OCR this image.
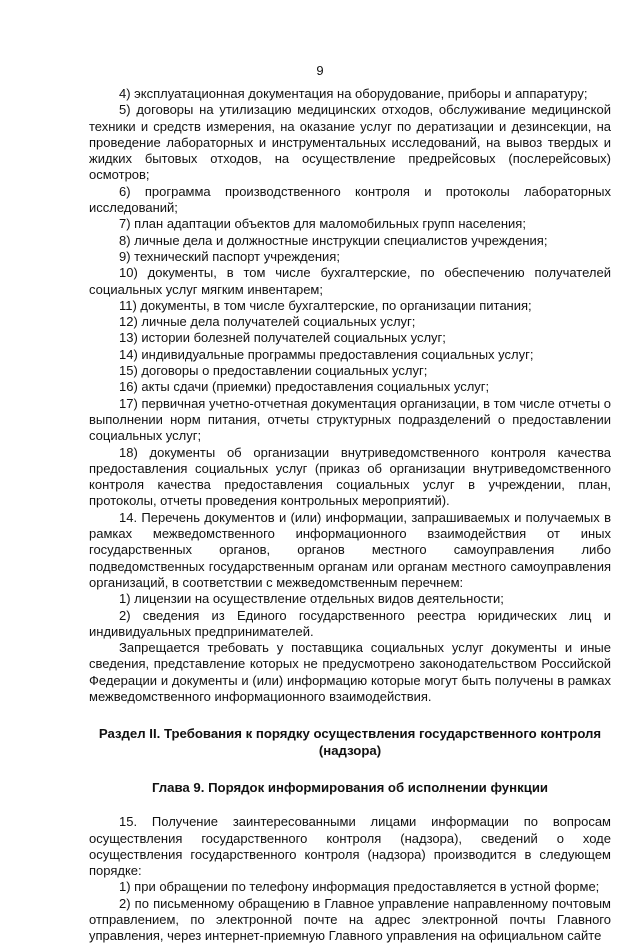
9

4) эксплуатационная документация на оборудование, приборы и аппаратуру;

5) договоры на утилизацию медицинских отходов, обслуживание медицинской техники и средств измерения, на оказание услуг по дератизации и дезинсекции, на проведение лабораторных и инструментальных исследований, на вывоз твердых и жидких бытовых отходов, на осуществление предрейсовых (послерейсовых) осмотров;

6) программа производственного контроля и протоколы лабораторных исследований;

7) план адаптации объектов для маломобильных групп населения;

8) личные дела и должностные инструкции специалистов учреждения;

9) технический паспорт учреждения;

10) документы, в том числе бухгалтерские, по обеспечению получателей социальных услуг мягким инвентарем;

11) документы, в том числе бухгалтерские, по организации питания;

12) личные дела получателей социальных услуг;

13) истории болезней получателей социальных услуг;

14) индивидуальные программы предоставления социальных услуг;

15) договоры о предоставлении социальных услуг;

16) акты сдачи (приемки) предоставления социальных услуг;

17) первичная учетно-отчетная документация организации, в том числе отчеты о выполнении норм питания, отчеты структурных подразделений о предоставлении социальных услуг;

18) документы об организации внутриведомственного контроля качества предоставления социальных услуг (приказ об организации внутриведомственного контроля качества предоставления социальных услуг в учреждении, план, протоколы, отчеты проведения контрольных мероприятий).

14. Перечень документов и (или) информации, запрашиваемых и получаемых в рамках межведомственного информационного взаимодействия от иных государственных органов, органов местного самоуправления либо подведомственных государственным органам или органам местного самоуправления организаций, в соответствии с межведомственным перечнем:

1) лицензии на осуществление отдельных видов деятельности;

2) сведения из Единого государственного реестра юридических лиц и индивидуальных предпринимателей.

Запрещается требовать у поставщика социальных услуг документы и иные сведения, представление которых не предусмотрено законодательством Российской Федерации и документы и (или) информацию которые могут быть получены в рамках межведомственного информационного взаимодействия.

Раздел II. Требования к порядку осуществления государственного контроля (надзора)
Глава 9. Порядок информирования об исполнении функции

15. Получение заинтересованными лицами информации по вопросам осуществления государственного контроля (надзора), сведений о ходе осуществления государственного контроля (надзора) производится в следующем порядке:

1) при обращении по телефону информация предоставляется в устной форме;

2) по письменному обращению в Главное управление направленному почтовым отправлением, по электронной почте на адрес электронной почты Главного управления, через интернет-приемную Главного управления на официальном сайте
